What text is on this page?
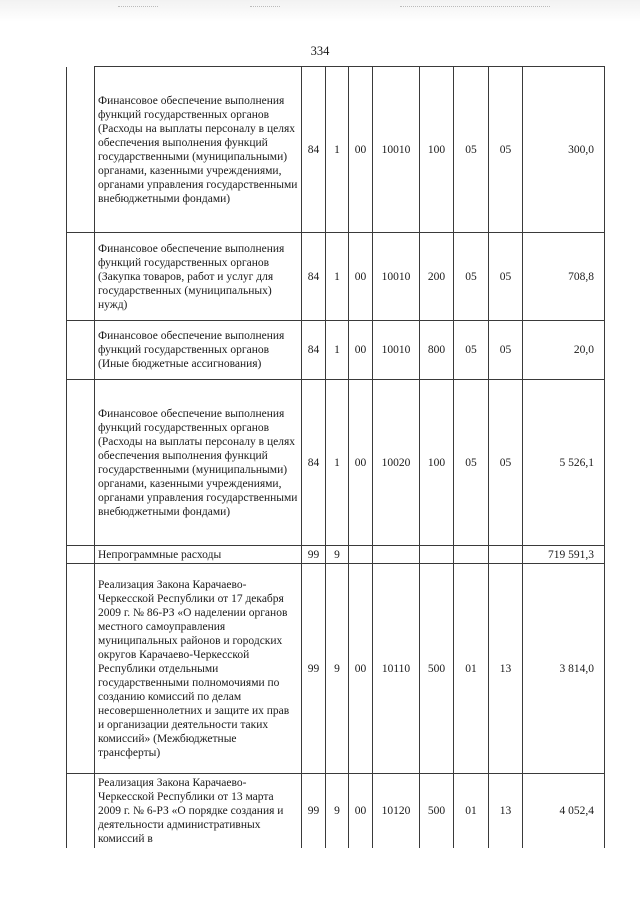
334
	Финансовое обеспечение выполнения функций государственных органов (Расходы на выплаты персоналу в целях обеспечения выполнения функций государственными (муниципальными) органами, казенными учреждениями, органами управления государственными внебюджетными фондами)	84	1	00	10010	100	05	05	300,0
	Финансовое обеспечение выполнения функций государственных органов (Закупка товаров, работ и услуг для государственных (муниципальных) нужд)	84	1	00	10010	200	05	05	708,8
	Финансовое обеспечение выполнения функций государственных органов (Иные бюджетные ассигнования)	84	1	00	10010	800	05	05	20,0
	Финансовое обеспечение выполнения функций государственных органов (Расходы на выплаты персоналу в целях обеспечения выполнения функций государственными (муниципальными) органами, казенными учреждениями, органами управления государственными внебюджетными фондами)	84	1	00	10020	100	05	05	5 526,1
	Непрограммные расходы	99	9						719 591,3
	Реализация Закона Карачаево-Черкесской Республики от 17 декабря 2009 г. № 86-РЗ «О наделении органов местного самоуправления муниципальных районов и городских округов Карачаево-Черкесской Республики отдельными государственными полномочиями по созданию комиссий по делам несовершеннолетних и защите их прав и организации деятельности таких комиссий» (Межбюджетные трансферты)	99	9	00	10110	500	01	13	3 814,0
	Реализация Закона Карачаево-Черкесской Республики от 13 марта 2009 г. № 6-РЗ «О порядке создания и деятельности административных комиссий в	99	9	00	10120	500	01	13	4 052,4
